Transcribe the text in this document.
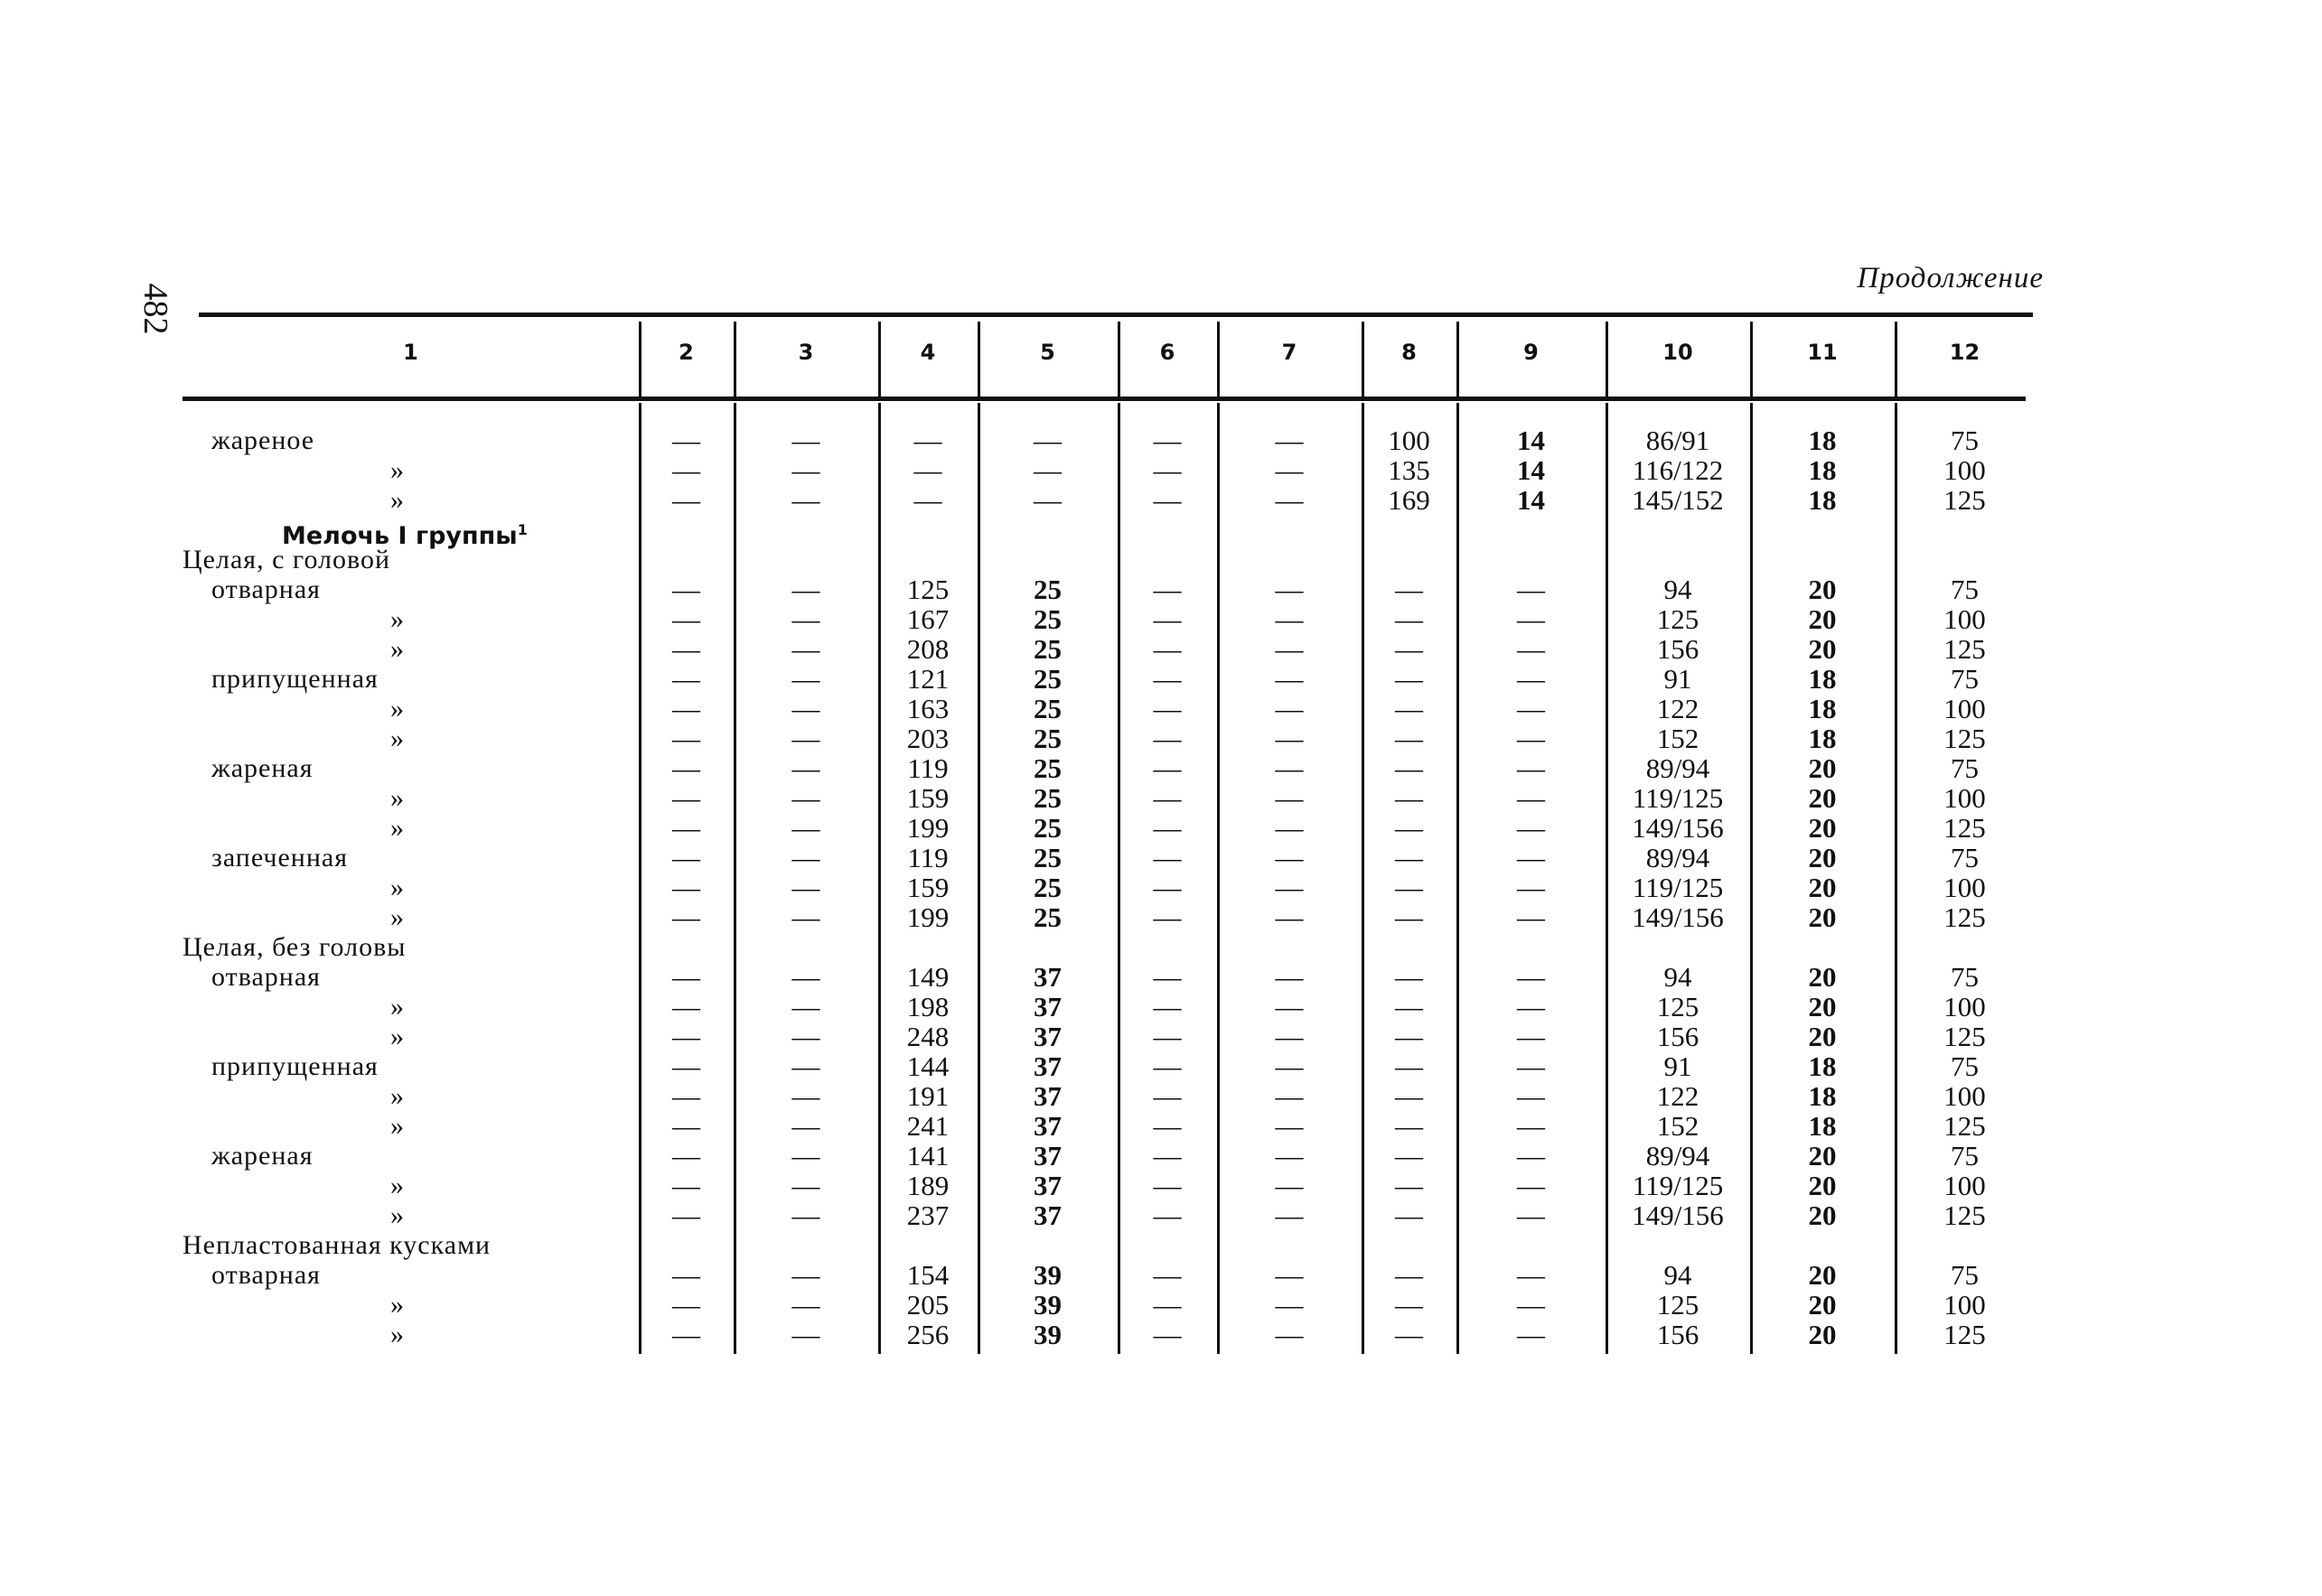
482
Продолжение
1	2	3	4	5	6	7	8	9	10	11	12
жареное	—	—	—	—	—	—	100	14	86/91	18	75
»	—	—	—	—	—	—	135	14	116/122	18	100
»	—	—	—	—	—	—	169	14	145/152	18	125
Мелочь I группы$^1$
Целая, с головой
отварная	—	—	125	25	—	—	—	—	94	20	75
»	—	—	167	25	—	—	—	—	125	20	100
»	—	—	208	25	—	—	—	—	156	20	125
припущенная	—	—	121	25	—	—	—	—	91	18	75
»	—	—	163	25	—	—	—	—	122	18	100
»	—	—	203	25	—	—	—	—	152	18	125
жареная	—	—	119	25	—	—	—	—	89/94	20	75
»	—	—	159	25	—	—	—	—	119/125	20	100
»	—	—	199	25	—	—	—	—	149/156	20	125
запеченная	—	—	119	25	—	—	—	—	89/94	20	75
»	—	—	159	25	—	—	—	—	119/125	20	100
»	—	—	199	25	—	—	—	—	149/156	20	125
Целая, без головы
отварная	—	—	149	37	—	—	—	—	94	20	75
»	—	—	198	37	—	—	—	—	125	20	100
»	—	—	248	37	—	—	—	—	156	20	125
припущенная	—	—	144	37	—	—	—	—	91	18	75
»	—	—	191	37	—	—	—	—	122	18	100
»	—	—	241	37	—	—	—	—	152	18	125
жареная	—	—	141	37	—	—	—	—	89/94	20	75
»	—	—	189	37	—	—	—	—	119/125	20	100
»	—	—	237	37	—	—	—	—	149/156	20	125
Непластованная кусками
отварная	—	—	154	39	—	—	—	—	94	20	75
»	—	—	205	39	—	—	—	—	125	20	100
»	—	—	256	39	—	—	—	—	156	20	125
